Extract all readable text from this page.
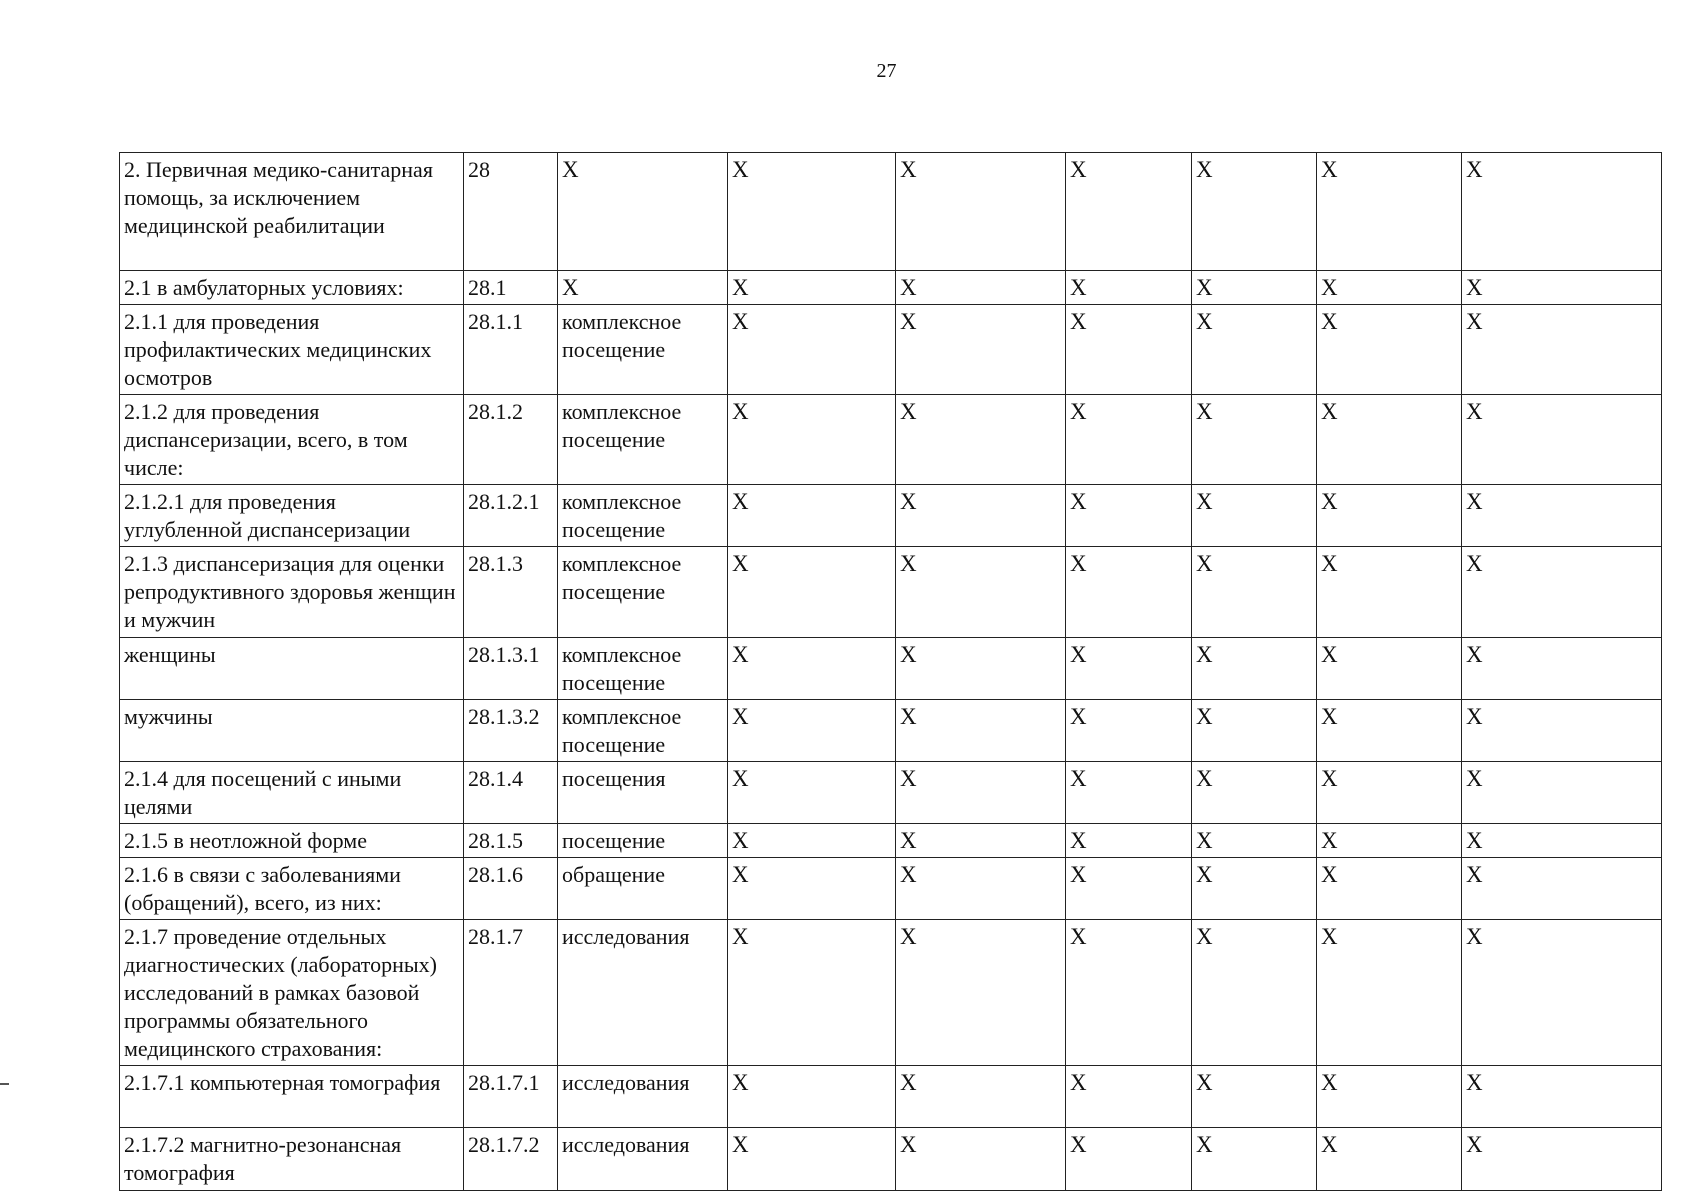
27
2. Первичная медико-санитарная помощь, за исключением медицинской реабилитации	28	Х	Х	Х	Х	Х	Х	Х	
2.1 в амбулаторных условиях:	28.1	Х	Х	Х	Х	Х	Х	Х	
2.1.1 для проведения профилактических медицинских осмотров	28.1.1	комплексное посещение	Х	Х	Х	Х	Х	Х	
2.1.2 для проведения диспансеризации, всего, в том числе:	28.1.2	комплексное посещение	Х	Х	Х	Х	Х	Х	
2.1.2.1 для проведения углубленной диспансеризации	28.1.2.1	комплексное посещение	Х	Х	Х	Х	Х	Х	
2.1.3 диспансеризация для оценки репродуктивного здоровья женщин и мужчин	28.1.3	комплексное посещение	Х	Х	Х	Х	Х	Х	
женщины	28.1.3.1	комплексное посещение	Х	Х	Х	Х	Х	Х	
мужчины	28.1.3.2	комплексное посещение	Х	Х	Х	Х	Х	Х	
2.1.4 для посещений с иными целями	28.1.4	посещения	Х	Х	Х	Х	Х	Х	
2.1.5 в неотложной форме	28.1.5	посещение	Х	Х	Х	Х	Х	Х	
2.1.6 в связи с заболеваниями (обращений), всего, из них:	28.1.6	обращение	Х	Х	Х	Х	Х	Х	
2.1.7 проведение отдельных диагностических (лабораторных) исследований в рамках базовой программы обязательного медицинского страхования:	28.1.7	исследования	Х	Х	Х	Х	Х	Х	
2.1.7.1 компьютерная томография	28.1.7.1	исследования	Х	Х	Х	Х	Х	Х	
2.1.7.2 магнитно-резонансная томография	28.1.7.2	исследования	Х	Х	Х	Х	Х	Х	
